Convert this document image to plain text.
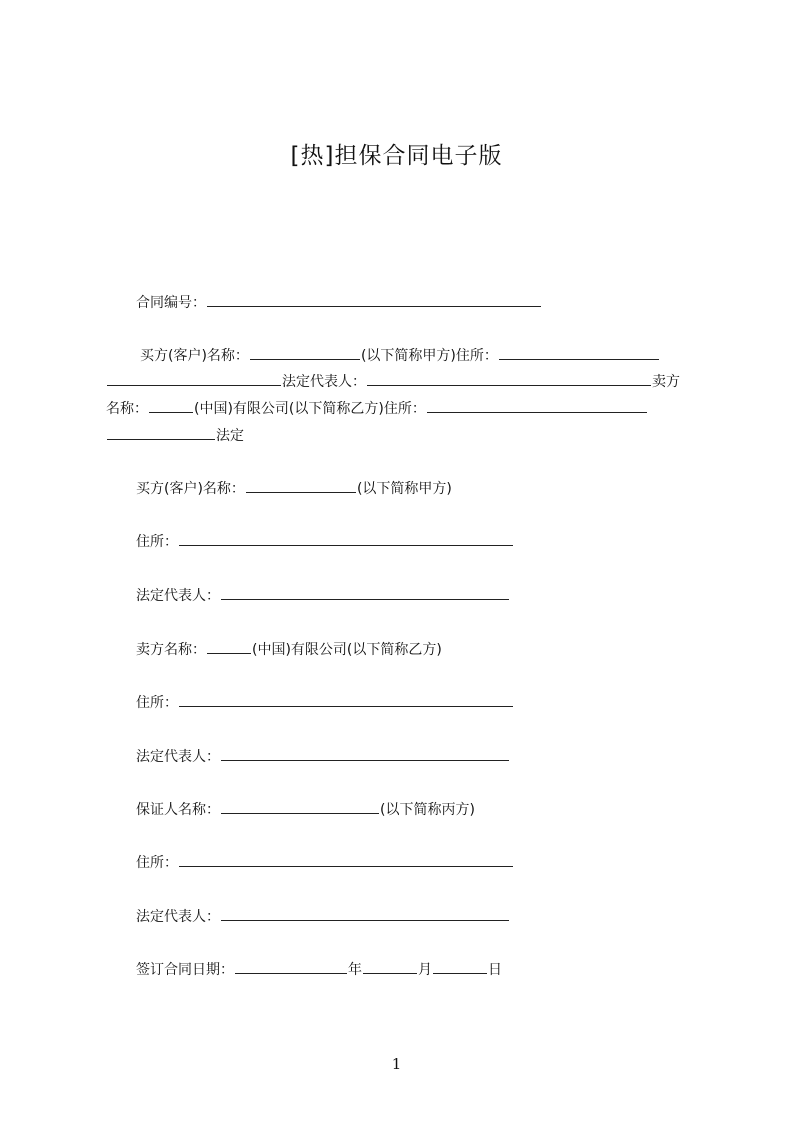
[热]担保合同电子版
合同编号：
买方(客户)名称：	(以下简称甲方)住所：
法定代表人：	卖方
名称：	(中国)有限公司(以下简称乙方)住所：
法定
买方(客户)名称：	(以下简称甲方)
住所：
法定代表人：
卖方名称：	(中国)有限公司(以下简称乙方)
住所：
法定代表人：
保证人名称：	(以下简称丙方)
住所：
法定代表人：
签订合同日期：	年	月	日
1
